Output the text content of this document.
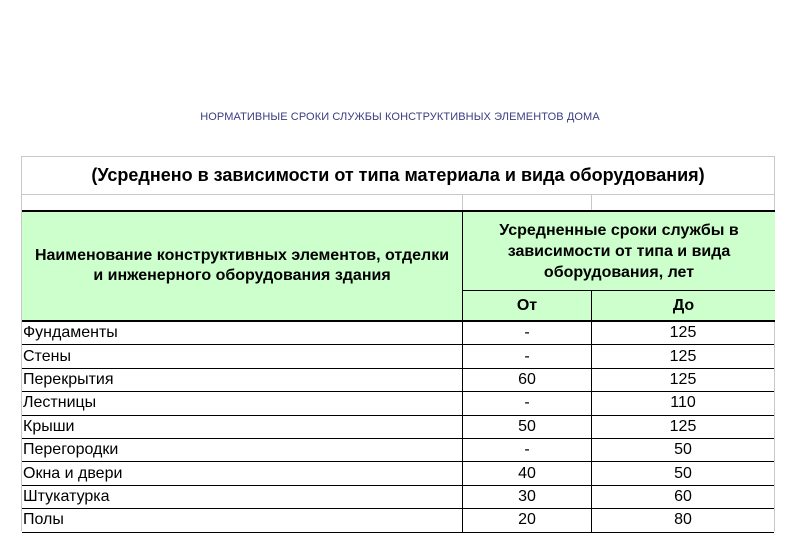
НОРМАТИВНЫЕ СРОКИ СЛУЖБЫ КОНСТРУКТИВНЫХ ЭЛЕМЕНТОВ ДОМА
(Усреднено в зависимости от типа материала и вида оборудования)
Наименование конструктивных элементов, отделки и инженерного оборудования здания
Усредненные сроки службы в зависимости от типа и вида оборудования, лет
От	До
Фундаменты	-	125
Стены	-	125
Перекрытия	60	125
Лестницы	-	110
Крыши	50	125
Перегородки	-	50
Окна и двери	40	50
Штукатурка	30	60
Полы	20	80
